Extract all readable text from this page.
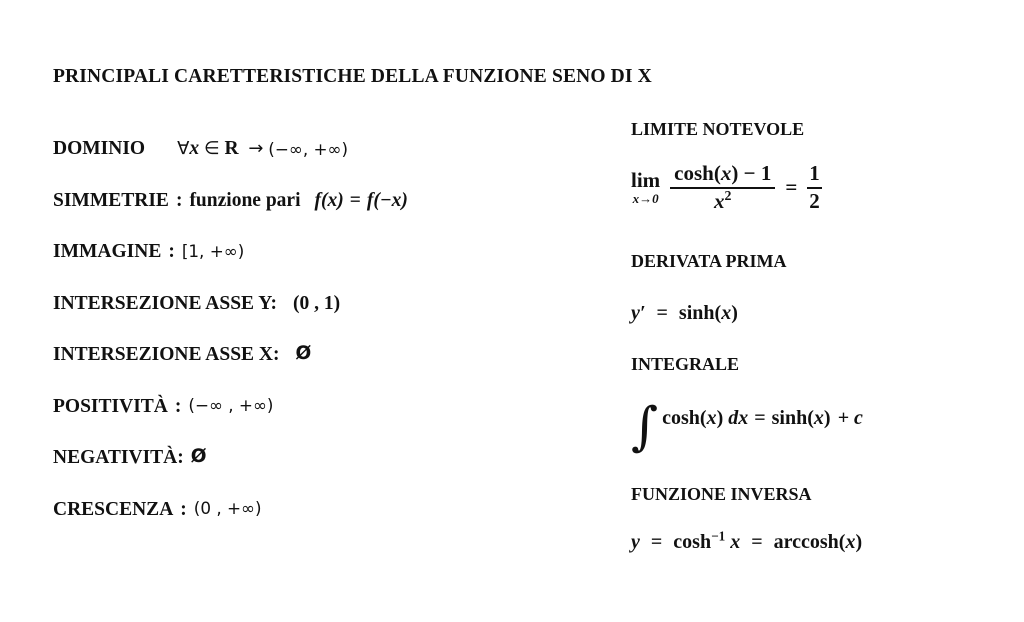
PRINCIPALI CARETTERISTICHE DELLA FUNZIONE SENO DI X
DOMINIO ∀x ∈ R → (−∞, +∞)
SIMMETRIE : funzione pari f(x) = f(−x)
IMMAGINE : [1, +∞)
INTERSEZIONE ASSE Y: (0 , 1)
INTERSEZIONE ASSE X: Ø
POSITIVITÀ : (−∞ , +∞)
NEGATIVITÀ: Ø
CRESCENZA : (0 , +∞)
LIMITE NOTEVOLE
lim
$x\to 0 \frac{\cosh(x) - 1}{x^2} = \frac{1}{2}$
DERIVATA PRIMA
y′ = sinh(x)
INTEGRALE
∫ cosh ( x ) dx = sinh ( x ) + c
FUNZIONE INVERSA
$y = \cosh^{-1} x = \arccos h(x)$
